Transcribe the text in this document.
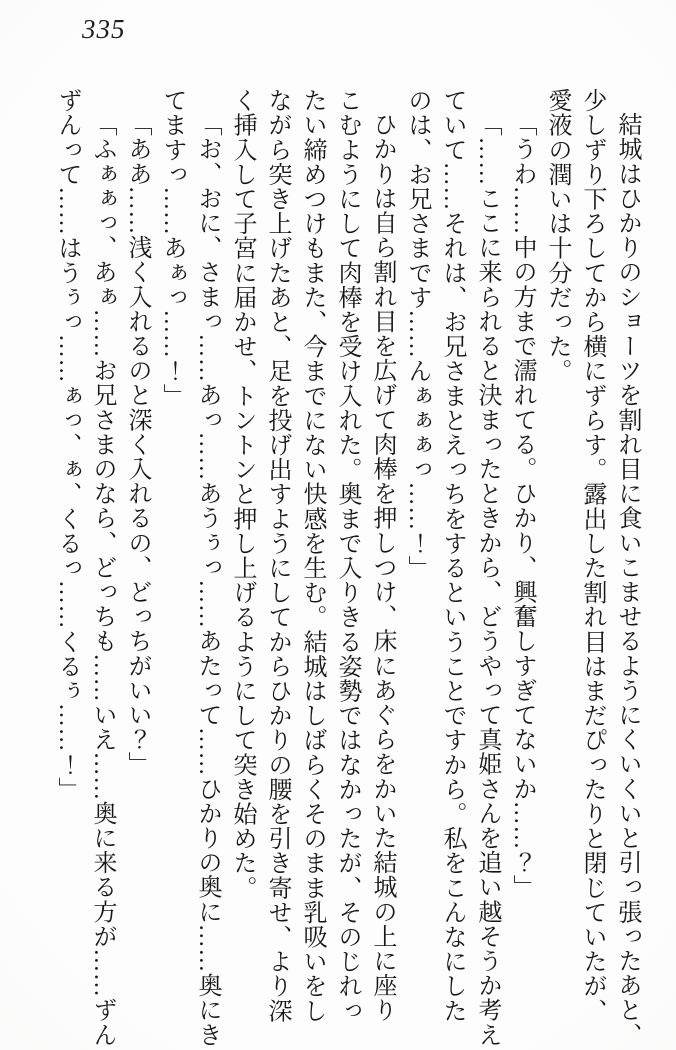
335
結城はひかりのショーツを割れ目に食いこませるようにくいくいと引っ張ったあと、
少しずり下ろしてから横にずらす。露出した割れ目はまだぴったりと閉じていたが、
愛液の潤いは十分だった。
「うわ……中の方まで濡れてる。ひかり、興奮しすぎてないか……？」
「……ここに来られると決まったときから、どうやって真姫さんを追い越そうか考え
ていて……それは、お兄さまとえっちをするということですから。私をこんなにした
のは、お兄さまです……んぁぁぁっ……！」
ひかりは自ら割れ目を広げて肉棒を押しつけ、床にあぐらをかいた結城の上に座り
こむようにして肉棒を受け入れた。奥まで入りきる姿勢ではなかったが、そのじれっ
たい締めつけもまた、今までにない快感を生む。結城はしばらくそのまま乳吸いをし
ながら突き上げたあと、足を投げ出すようにしてからひかりの腰を引き寄せ、より深
く挿入して子宮に届かせ、トントンと押し上げるようにして突き始めた。
「お、おに、さまっ……あっ……あうぅっ……あたって……ひかりの奥に……奥にき
てますっ……あぁっ……！」
「ああ……浅く入れるのと深く入れるの、どっちがいい？」
「ふぁぁっ、あぁ……お兄さまのなら、どっちも……いえ……奥に来る方が……ずん
ずんって……はうぅっ……ぁっ、ぁ、くるっ……くるぅ……！」
